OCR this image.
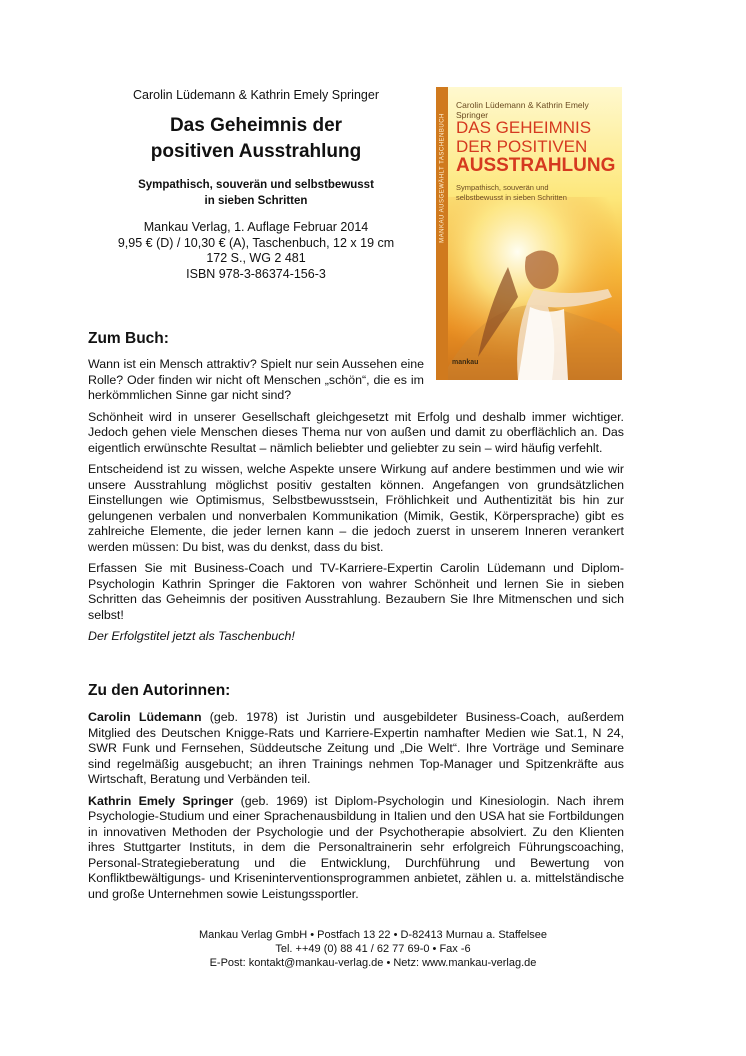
Carolin Lüdemann & Kathrin Emely Springer
Das Geheimnis der
positiven Ausstrahlung
Sympathisch, souverän und selbstbewusst
in sieben Schritten
Mankau Verlag, 1. Auflage Februar 2014
9,95 € (D) / 10,30 € (A), Taschenbuch, 12 x 19 cm
172 S., WG 2 481
ISBN 978-3-86374-156-3
MANKAU AUSGEWÄHLT TASCHENBUCH
Carolin Lüdemann & Kathrin Emely Springer
DAS GEHEIMNIS
DER POSITIVEN
AUSSTRAHLUNG
Sympathisch, souverän und
selbstbewusst in sieben Schritten
mankau
Zum Buch:

Wann ist ein Mensch attraktiv? Spielt nur sein Aussehen eine Rolle? Oder finden wir nicht oft Menschen „schön“, die es im herkömmlichen Sinne gar nicht sind?

Schönheit wird in unserer Gesellschaft gleichgesetzt mit Erfolg und deshalb immer wichtiger. Jedoch gehen viele Menschen dieses Thema nur von außen und damit zu oberflächlich an. Das eigentlich erwünschte Resultat – nämlich beliebter und geliebter zu sein – wird häufig verfehlt.

Entscheidend ist zu wissen, welche Aspekte unsere Wirkung auf andere bestimmen und wie wir unsere Ausstrahlung möglichst positiv gestalten können. Angefangen von grundsätzlichen Einstellungen wie Optimismus, Selbstbewusstsein, Fröhlichkeit und Authentizität bis hin zur gelungenen verbalen und nonverbalen Kommunikation (Mimik, Gestik, Körpersprache) gibt es zahlreiche Elemente, die jeder lernen kann – die jedoch zuerst in unserem Inneren verankert werden müssen: Du bist, was du denkst, dass du bist.

Erfassen Sie mit Business-Coach und TV-Karriere-Expertin Carolin Lüdemann und Diplom-Psychologin Kathrin Springer die Faktoren von wahrer Schönheit und lernen Sie in sieben Schritten das Geheimnis der positiven Ausstrahlung. Bezaubern Sie Ihre Mitmenschen und sich selbst!

Der Erfolgstitel jetzt als Taschenbuch!

Zu den Autorinnen:

Carolin Lüdemann (geb. 1978) ist Juristin und ausgebildeter Business-Coach, außerdem Mitglied des Deutschen Knigge-Rats und Karriere-Expertin namhafter Medien wie Sat.1, N 24, SWR Funk und Fernsehen, Süddeutsche Zeitung und „Die Welt“. Ihre Vorträge und Seminare sind regelmäßig ausgebucht; an ihren Trainings nehmen Top-Manager und Spitzenkräfte aus Wirtschaft, Beratung und Verbänden teil.

Kathrin Emely Springer (geb. 1969) ist Diplom-Psychologin und Kinesiologin. Nach ihrem Psychologie-Studium und einer Sprachenausbildung in Italien und den USA hat sie Fortbildungen in innovativen Methoden der Psychologie und der Psychotherapie absolviert. Zu den Klienten ihres Stuttgarter Instituts, in dem die Personaltrainerin sehr erfolgreich Führungscoaching, Personal-Strategieberatung und die Entwicklung, Durchführung und Bewertung von Konfliktbewältigungs- und Kriseninterventionsprogrammen anbietet, zählen u. a. mittelständische und große Unternehmen sowie Leistungssportler.

Mankau Verlag GmbH • Postfach 13 22 • D-82413 Murnau a. Staffelsee
Tel. ++49 (0) 88 41 / 62 77 69-0 • Fax -6
E-Post: kontakt@mankau-verlag.de • Netz: www.mankau-verlag.de
